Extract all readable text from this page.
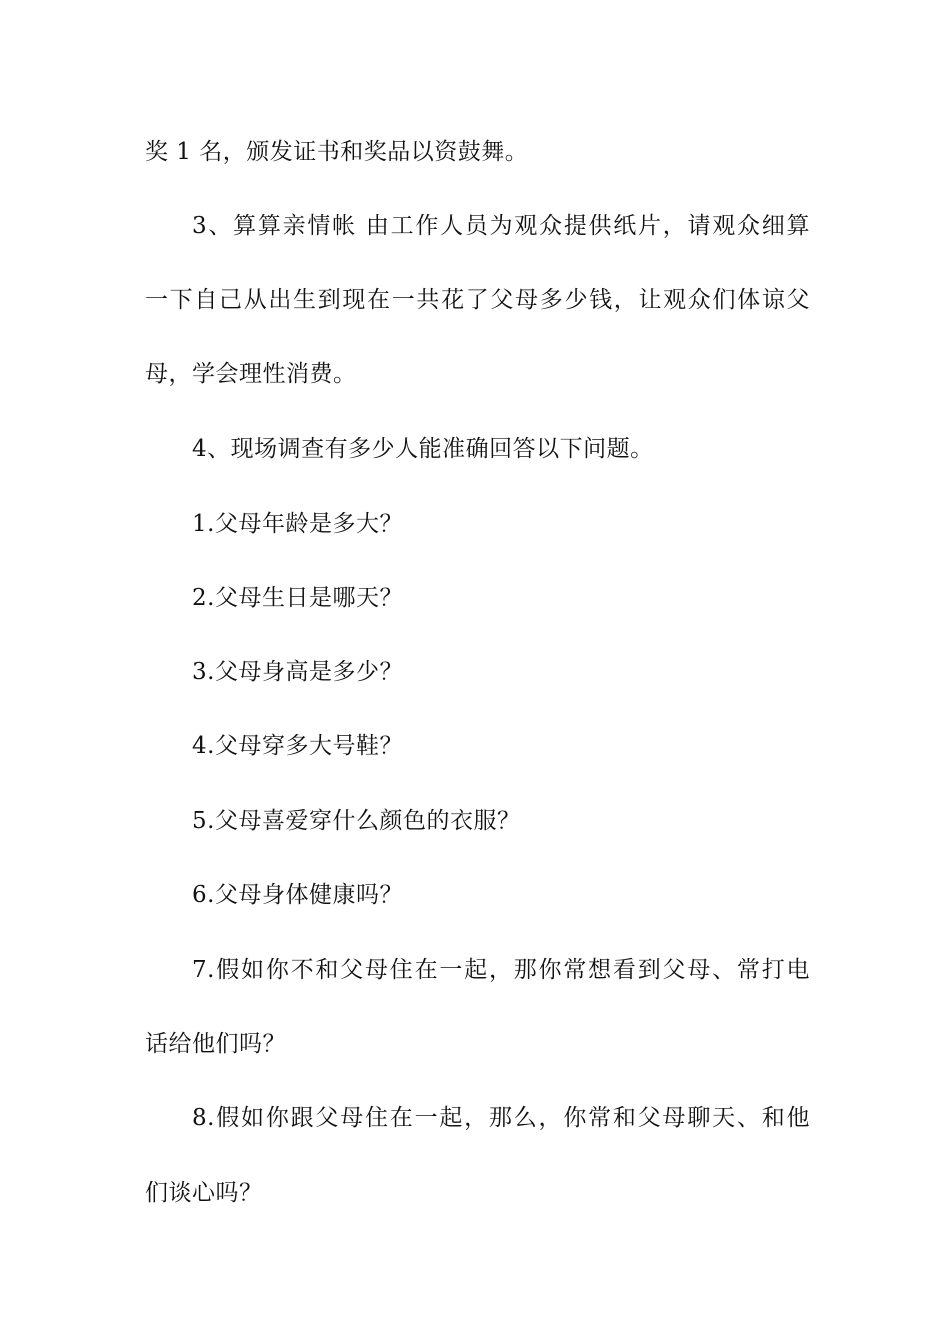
奖 1 名，颁发证书和奖品以资鼓舞。
3、算算亲情帐 由工作人员为观众提供纸片，请观众细算
一下自己从出生到现在一共花了父母多少钱，让观众们体谅父
母，学会理性消费。
4、现场调查有多少人能准确回答以下问题。
1.父母年龄是多大？
2.父母生日是哪天？
3.父母身高是多少？
4.父母穿多大号鞋？
5.父母喜爱穿什么颜色的衣服？
6.父母身体健康吗？
7.假如你不和父母住在一起，那你常想看到父母、常打电
话给他们吗？
8.假如你跟父母住在一起，那么，你常和父母聊天、和他
们谈心吗？
